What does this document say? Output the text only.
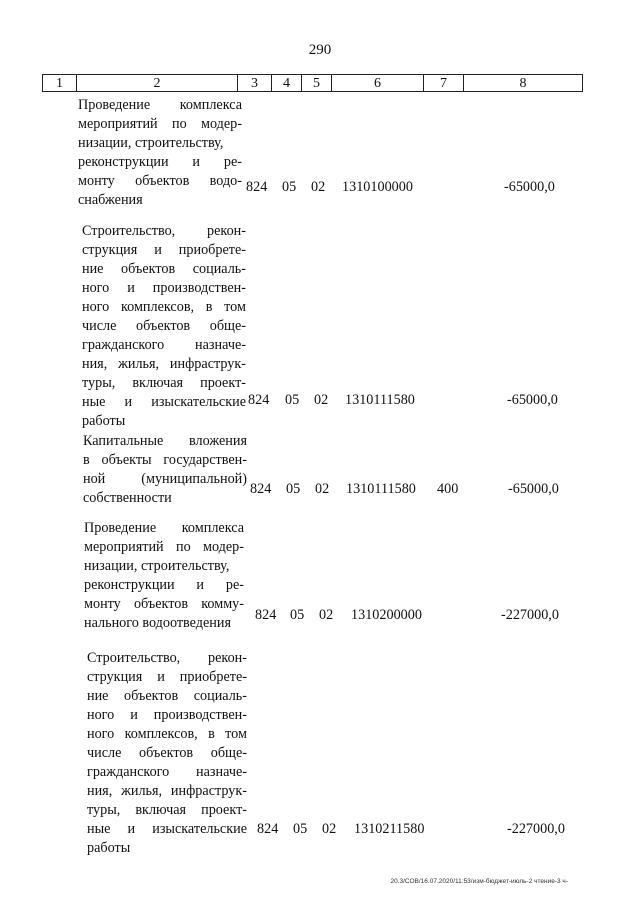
290
1	2	3	4	5	6	7	8
Проведение комплекса
мероприятий по модер-
низации, строительству,
реконструкции и ре-
монту объектов водо-
снабжения
824 05 02 1310100000	-65000,0
Строительство, рекон-
струкция и приобрете-
ние объектов социаль-
ного и производствен-
ного комплексов, в том
числе объектов обще-
гражданского назначе-
ния, жилья, инфраструк-
туры, включая проект-
ные и изыскательские
работы
824 05 02 1310111580	-65000,0
Капитальные вложения
в объекты государствен-
ной (муниципальной)
собственности
824 05 02 1310111580 400	-65000,0
Проведение комплекса
мероприятий по модер-
низации, строительству,
реконструкции и ре-
монту объектов комму-
нального водоотведения	824 05 02 1310200000	-227000,0
Строительство, рекон-
струкция и приобрете-
ние объектов социаль-
ного и производствен-
ного комплексов, в том
числе объектов обще-
гражданского назначе-
ния, жилья, инфраструк-
туры, включая проект-
ные и изыскательские
работы
824 05 02 1310211580	-227000,0
20.3/СОВ/16.07.2020/11:53/изм-бюджет-июль-2 чтение-3 ч-
